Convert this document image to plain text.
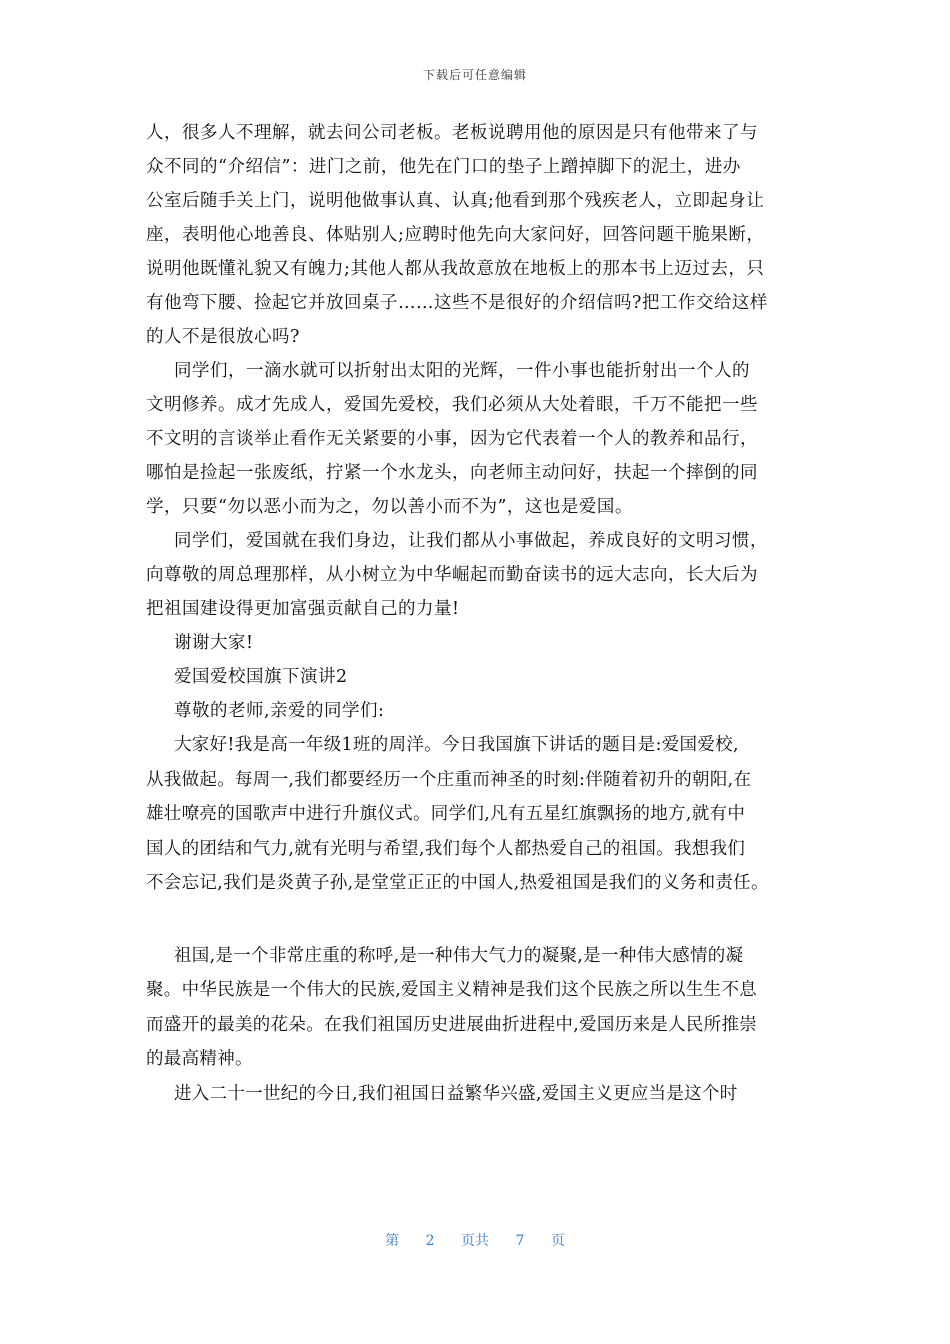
下载后可任意编辑
人，很多人不理解，就去问公司老板。老板说聘用他的原因是只有他带来了与
众不同的“介绍信”：进门之前，他先在门口的垫子上蹭掉脚下的泥土，进办
公室后随手关上门，说明他做事认真、认真;他看到那个残疾老人，立即起身让
座，表明他心地善良、体贴别人;应聘时他先向大家问好，回答问题干脆果断，
说明他既懂礼貌又有魄力;其他人都从我故意放在地板上的那本书上迈过去，只
有他弯下腰、捡起它并放回桌子……这些不是很好的介绍信吗?把工作交给这样
的人不是很放心吗?
同学们，一滴水就可以折射出太阳的光辉，一件小事也能折射出一个人的
文明修养。成才先成人，爱国先爱校，我们必须从大处着眼，千万不能把一些
不文明的言谈举止看作无关紧要的小事，因为它代表着一个人的教养和品行，
哪怕是捡起一张废纸，拧紧一个水龙头，向老师主动问好，扶起一个摔倒的同
学，只要“勿以恶小而为之，勿以善小而不为”，这也是爱国。
同学们，爱国就在我们身边，让我们都从小事做起，养成良好的文明习惯，
向尊敬的周总理那样，从小树立为中华崛起而勤奋读书的远大志向，长大后为
把祖国建设得更加富强贡献自己的力量!
谢谢大家!
爱国爱校国旗下演讲2
尊敬的老师,亲爱的同学们:
大家好!我是高一年级1班的周洋。今日我国旗下讲话的题目是:爱国爱校,
从我做起。每周一,我们都要经历一个庄重而神圣的时刻:伴随着初升的朝阳,在
雄壮嘹亮的国歌声中进行升旗仪式。同学们,凡有五星红旗飘扬的地方,就有中
国人的团结和气力,就有光明与希望,我们每个人都热爱自己的祖国。我想我们
不会忘记,我们是炎黄子孙,是堂堂正正的中国人,热爱祖国是我们的义务和责任。
祖国,是一个非常庄重的称呼,是一种伟大气力的凝聚,是一种伟大感情的凝
聚。中华民族是一个伟大的民族,爱国主义精神是我们这个民族之所以生生不息
而盛开的最美的花朵。在我们祖国历史进展曲折进程中,爱国历来是人民所推崇
的最高精神。
进入二十一世纪的今日,我们祖国日益繁华兴盛,爱国主义更应当是这个时
第 2 页共 7 页
